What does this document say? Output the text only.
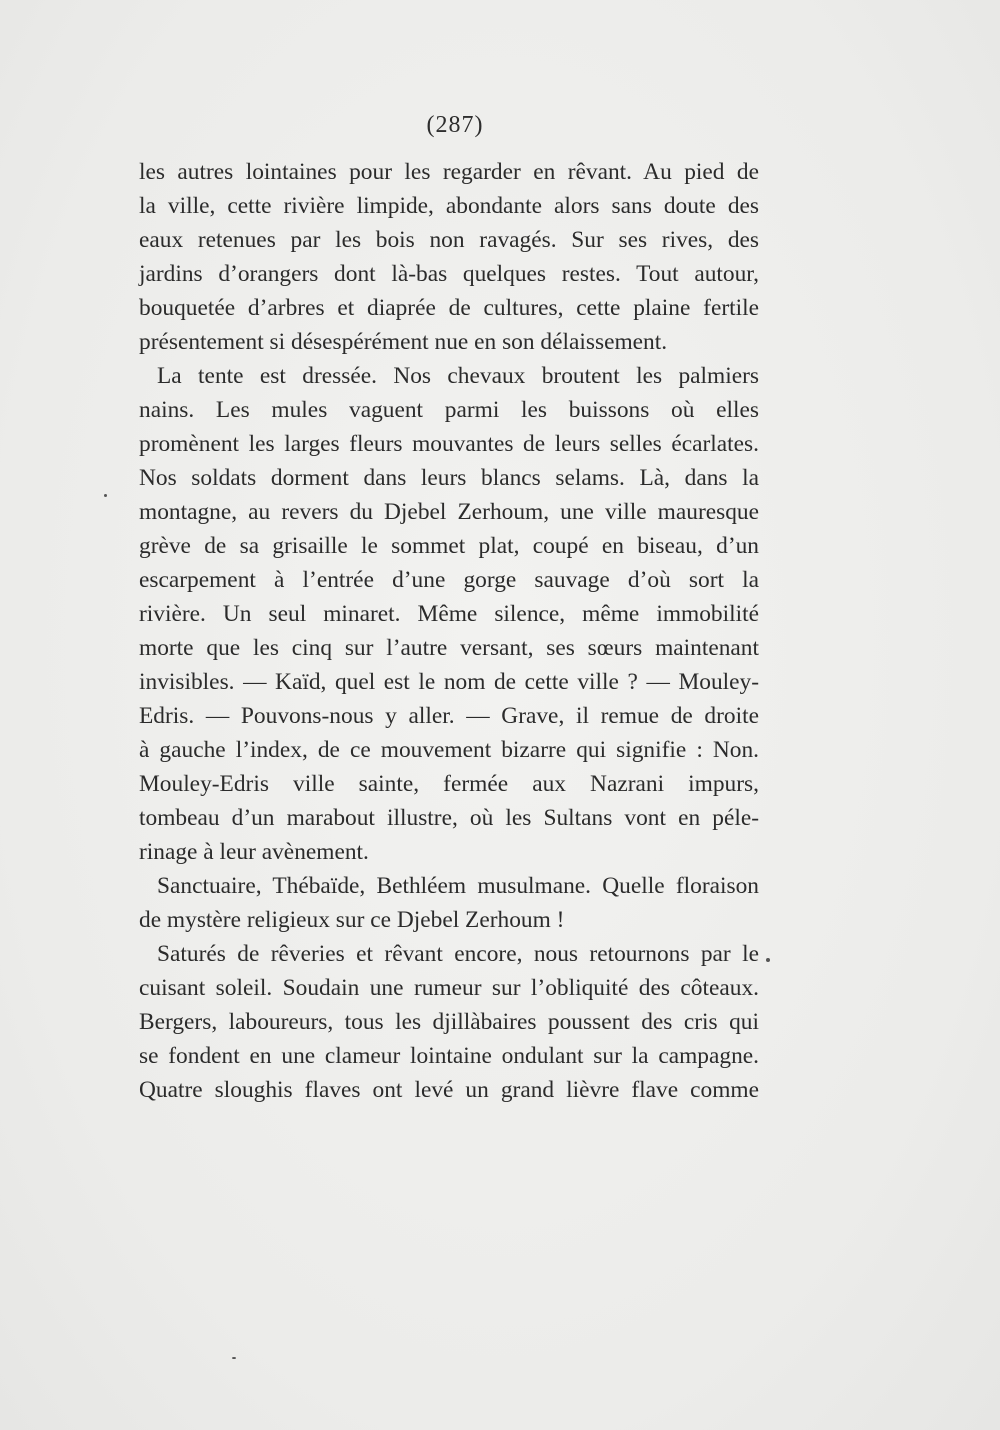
(287)
les autres lointaines pour les regarder en rêvant. Au pied de
la ville, cette rivière limpide, abondante alors sans doute des
eaux retenues par les bois non ravagés. Sur ses rives, des
jardins d’orangers dont là-bas quelques restes. Tout autour,
bouquetée d’arbres et diaprée de cultures, cette plaine fertile
présentement si désespérément nue en son délaissement.
La tente est dressée. Nos chevaux broutent les palmiers
nains. Les mules vaguent parmi les buissons où elles
promènent les larges fleurs mouvantes de leurs selles écarlates.
Nos soldats dorment dans leurs blancs selams. Là, dans la
montagne, au revers du Djebel Zerhoum, une ville mauresque
grève de sa grisaille le sommet plat, coupé en biseau, d’un
escarpement à l’entrée d’une gorge sauvage d’où sort la
rivière. Un seul minaret. Même silence, même immobilité
morte que les cinq sur l’autre versant, ses sœurs maintenant
invisibles. — Kaïd, quel est le nom de cette ville ? — Mouley-
Edris. — Pouvons-nous y aller. — Grave, il remue de droite
à gauche l’index, de ce mouvement bizarre qui signifie : Non.
Mouley-Edris ville sainte, fermée aux Nazrani impurs,
tombeau d’un marabout illustre, où les Sultans vont en péle-
rinage à leur avènement.
Sanctuaire, Thébaïde, Bethléem musulmane. Quelle floraison
de mystère religieux sur ce Djebel Zerhoum !
Saturés de rêveries et rêvant encore, nous retournons par le
cuisant soleil. Soudain une rumeur sur l’obliquité des côteaux.
Bergers, laboureurs, tous les djillàbaires poussent des cris qui
se fondent en une clameur lointaine ondulant sur la campagne.
Quatre sloughis flaves ont levé un grand lièvre flave comme
